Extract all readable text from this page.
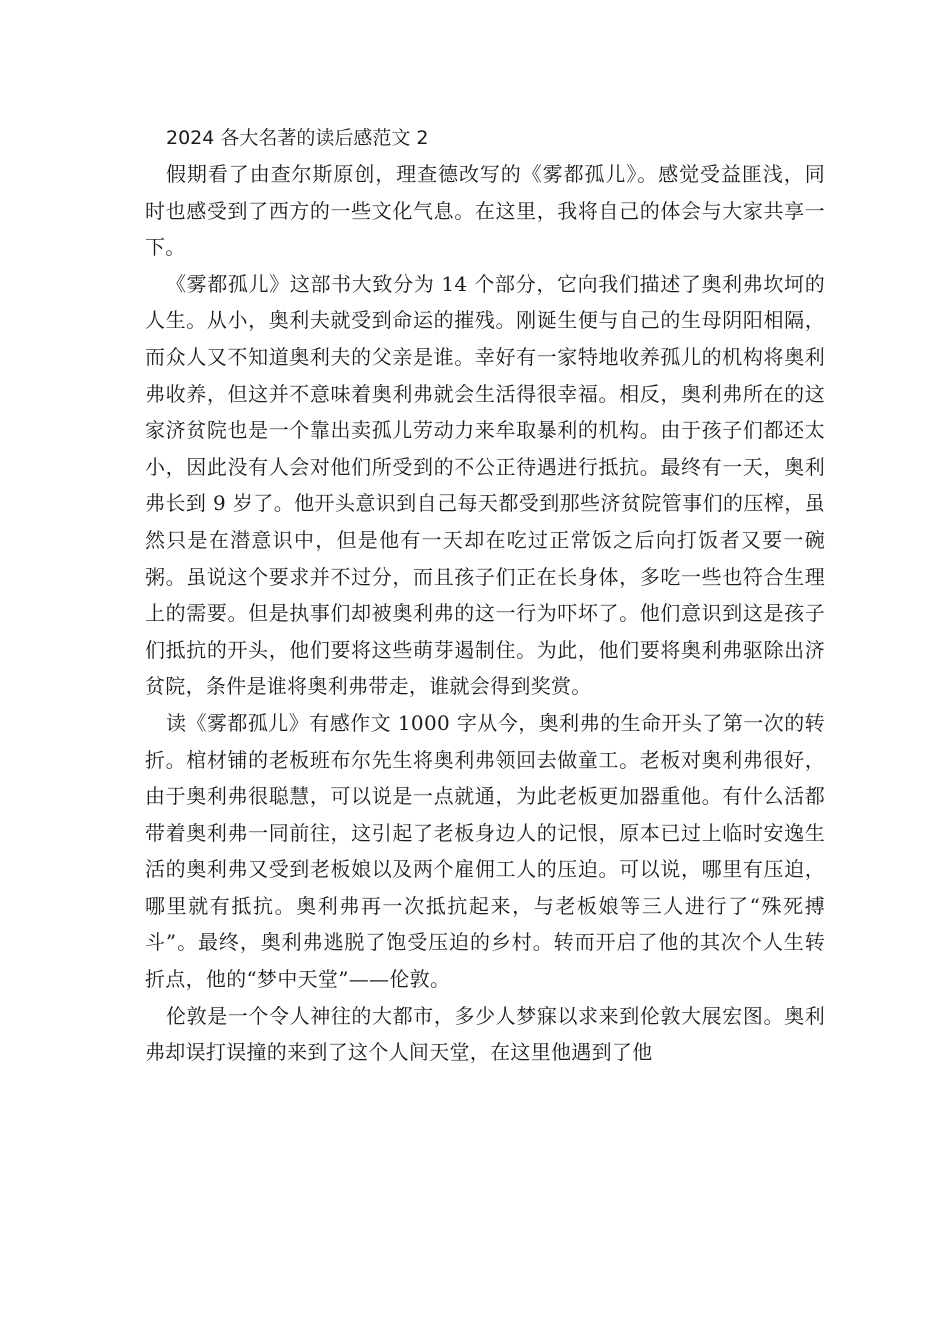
2024 各大名著的读后感范文 2

假期看了由查尔斯原创，理查德改写的《雾都孤儿》。感觉受益匪浅，同时也感受到了西方的一些文化气息。在这里，我将自己的体会与大家共享一下。

《雾都孤儿》这部书大致分为 14 个部分，它向我们描述了奥利弗坎坷的人生。从小，奥利夫就受到命运的摧残。刚诞生便与自己的生母阴阳相隔，而众人又不知道奥利夫的父亲是谁。幸好有一家特地收养孤儿的机构将奥利弗收养，但这并不意味着奥利弗就会生活得很幸福。相反，奥利弗所在的这家济贫院也是一个靠出卖孤儿劳动力来牟取暴利的机构。由于孩子们都还太小，因此没有人会对他们所受到的不公正待遇进行抵抗。最终有一天，奥利弗长到 9 岁了。他开头意识到自己每天都受到那些济贫院管事们的压榨，虽然只是在潜意识中，但是他有一天却在吃过正常饭之后向打饭者又要一碗粥。虽说这个要求并不过分，而且孩子们正在长身体，多吃一些也符合生理上的需要。但是执事们却被奥利弗的这一行为吓坏了。他们意识到这是孩子们抵抗的开头，他们要将这些萌芽遏制住。为此，他们要将奥利弗驱除出济贫院，条件是谁将奥利弗带走，谁就会得到奖赏。

读《雾都孤儿》有感作文 1000 字从今，奥利弗的生命开头了第一次的转折。棺材铺的老板班布尔先生将奥利弗领回去做童工。老板对奥利弗很好，由于奥利弗很聪慧，可以说是一点就通，为此老板更加器重他。有什么活都带着奥利弗一同前往，这引起了老板身边人的记恨，原本已过上临时安逸生活的奥利弗又受到老板娘以及两个雇佣工人的压迫。可以说，哪里有压迫，哪里就有抵抗。奥利弗再一次抵抗起来，与老板娘等三人进行了“殊死搏斗”。最终，奥利弗逃脱了饱受压迫的乡村。转而开启了他的其次个人生转折点，他的“梦中天堂”——伦敦。

伦敦是一个令人神往的大都市，多少人梦寐以求来到伦敦大展宏图。奥利弗却误打误撞的来到了这个人间天堂，在这里他遇到了他
